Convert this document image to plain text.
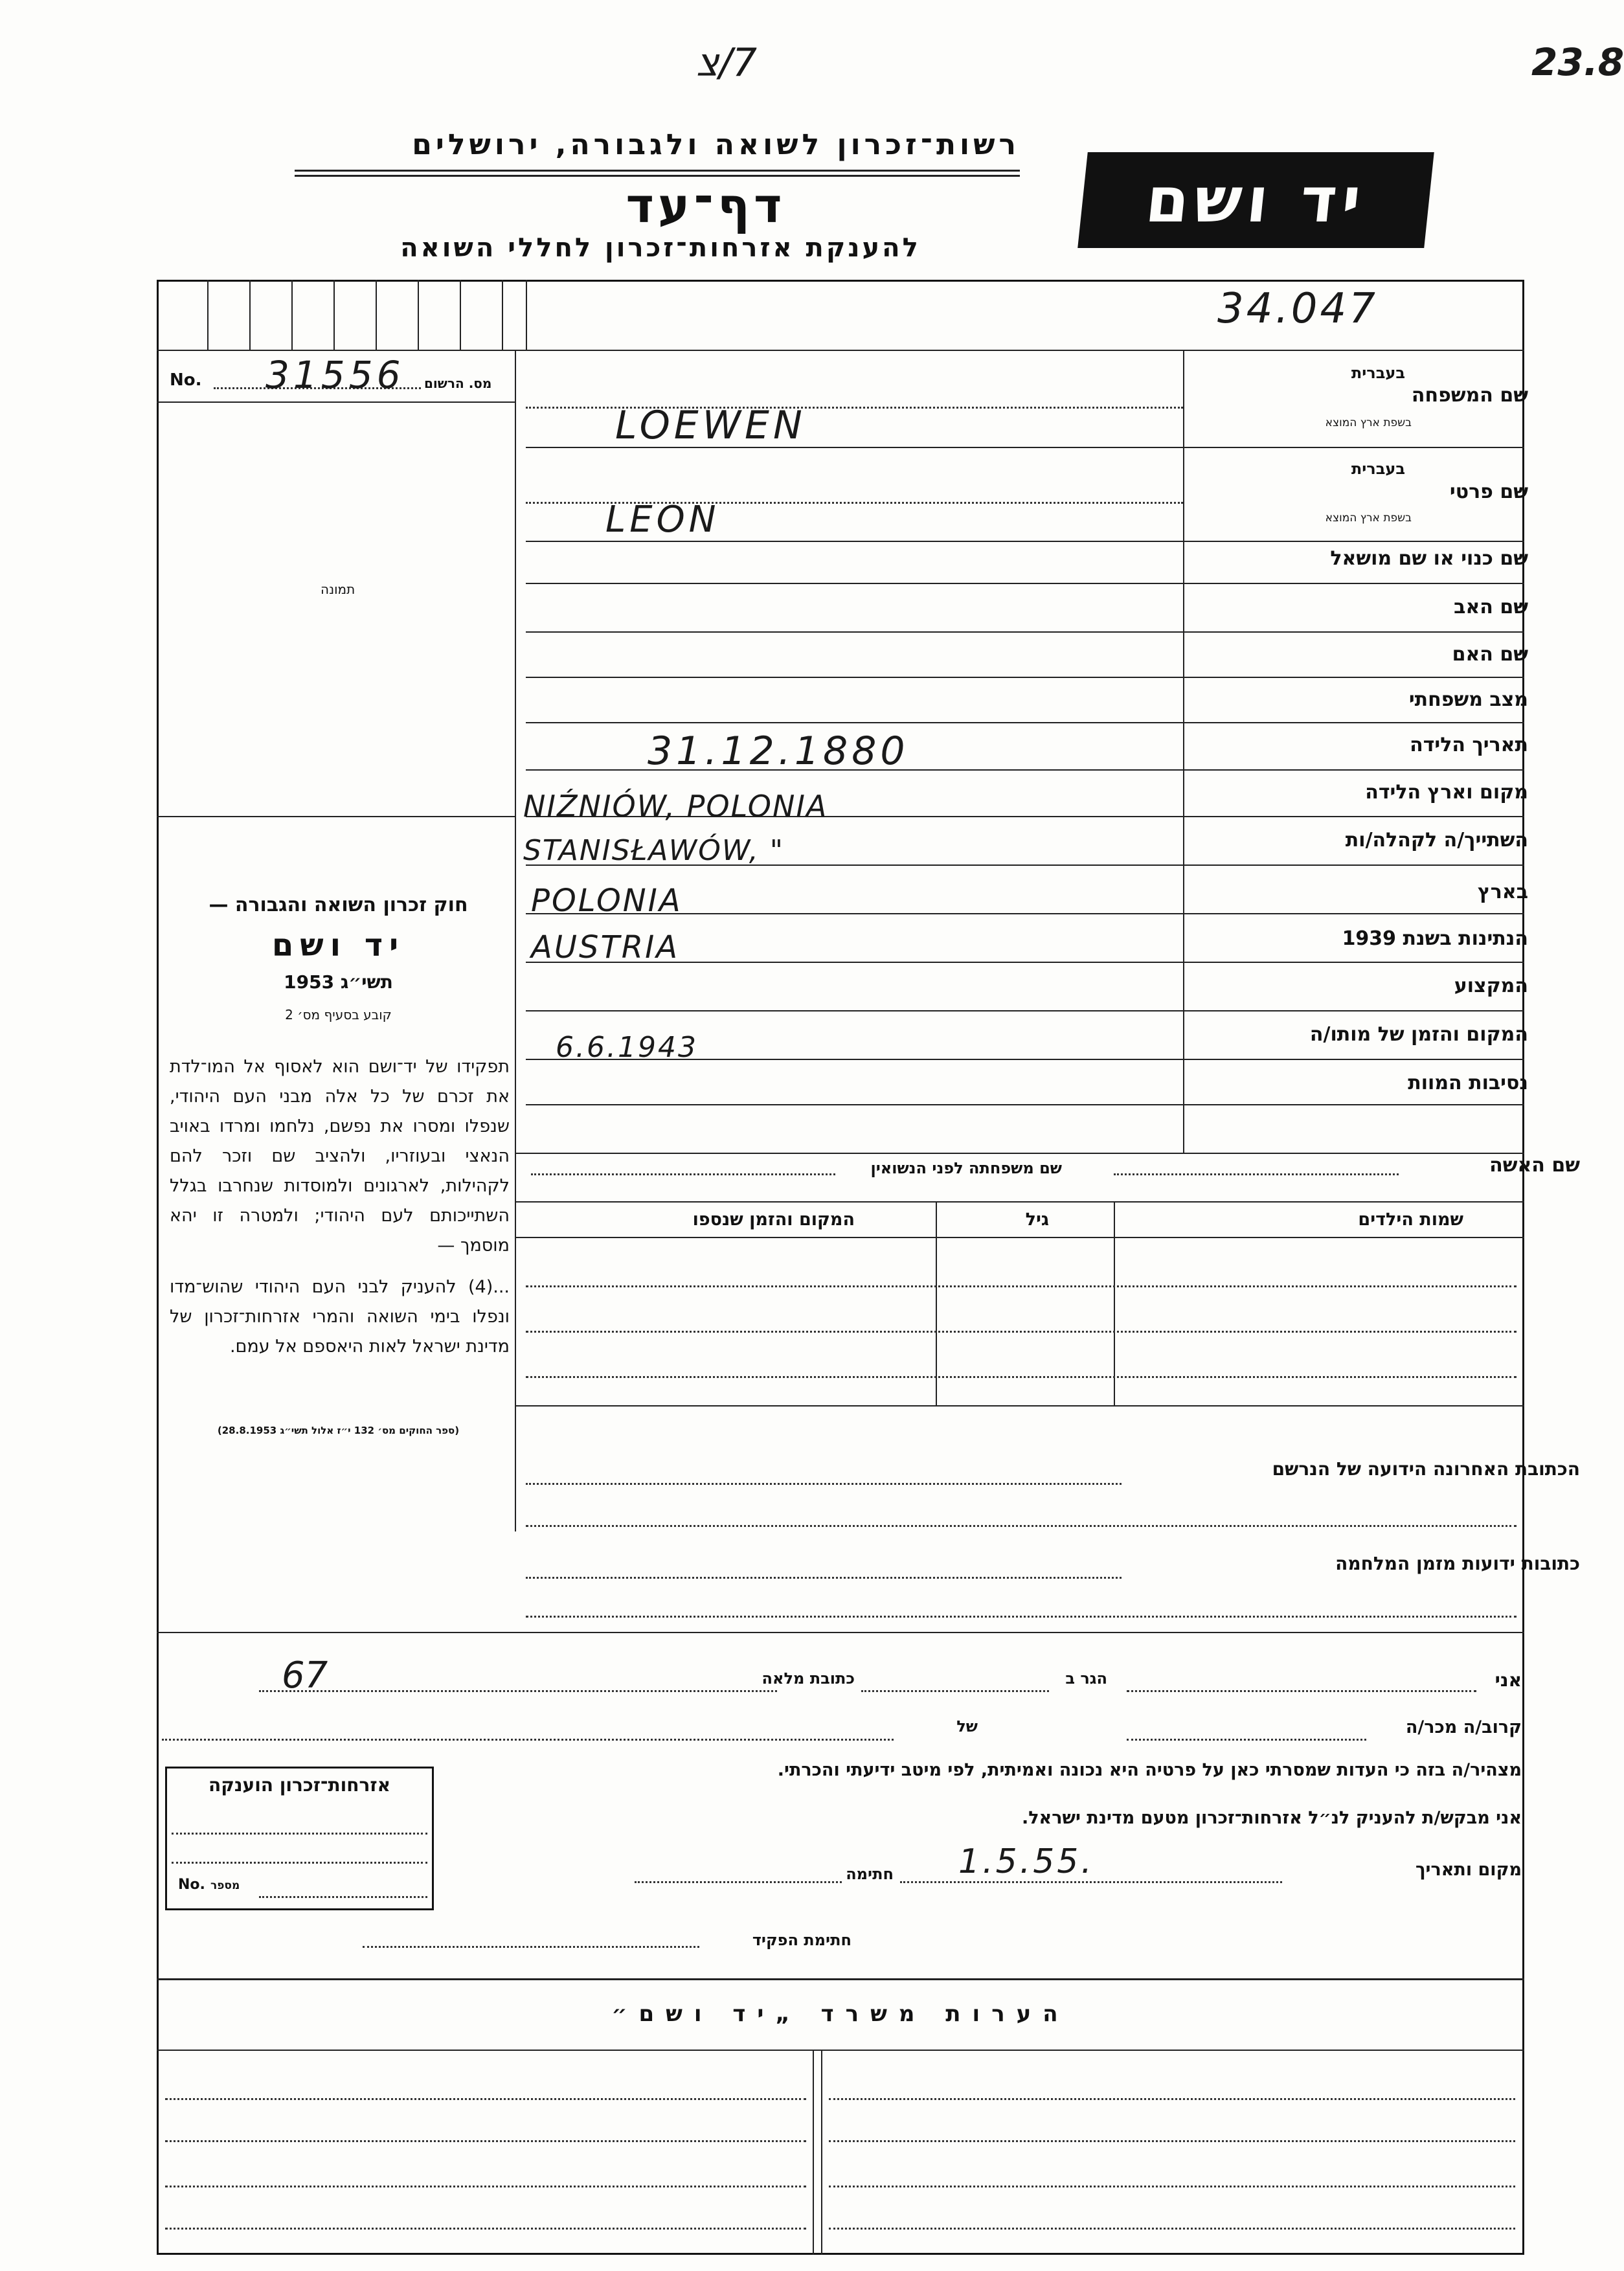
7/צ	23.8
רשות־זכרון לשואה ולגבורה, ירושלים
דף־עד
להענקת אזרחות־זכרון לחללי השואה
יד ושם
34.047
No. 31556 מס. הרשום
תמונה
חוק זכרון השואה והגבורה —
יד ושם
תשי״ג 1953
קובע בסעיף מס׳ 2
תפקידו של יד־ושם הוא לאסוף אל המו־לדת את זכרם של כל אלה מבני העם היהודי, שנפלו ומסרו את נפשם, נלחמו ומרדו באויב הנאצי ובעוזריו, ולהציב שם וזכר להם לקהילות, לארגונים ולמוסדות שנחרבו בגלל השתייכותם לעם היהודי; ולמטרה זו יהא מוסמך —
...(4) להעניק לבני העם היהודי שהוש־מדו ונפלו בימי השואה והמרי אזרחות־זכרון של מדינת ישראל לאות היאספם אל עמם.
(ספר החוקים מס׳ 132 י״ז אלול תשי״ג 28.8.1953)
שם המשפחה
בעברית
בשפת ארץ המוצא
LOEWEN
שם פרטי
בעברית
בשפת ארץ המוצא
LEON
שם כנוי או שם מושאל
שם האב
שם האם
מצב משפחתי
תאריך הלידה
31.12.1880
מקום וארץ הלידה
NIŹNIÓW, POLONIA
השתייך/ה לקהלה/ות
STANISŁAWÓW, "
בארץ
POLONIA
הנתינות בשנת 1939
AUSTRIA
המקצוע
המקום והזמן של מותו/ה
6.6.1943
נסיבות המוות
שם האשה
שם משפחתה לפני הנשואין
שמות הילדים
גיל
המקום והזמן שנספו
הכתובת האחרונה הידועה של הנרשם
כתובות ידועות מזמן המלחמה
אני
הגר ב
כתובת מלאה
67
קרוב/ה מכר/ה
של
מצהיר/ה בזה כי העדות שמסרתי כאן על פרטיה היא נכונה ואמיתית, לפי מיטב ידיעתי והכרתי.
אני מבקש/ת להעניק לנ״ל אזרחות־זכרון מטעם מדינת ישראל.
מקום ותאריך
1.5.55.
חתימה
חתימת הפקיד
אזרחות־זכרון הוענקה
No. מספר
הערות משרד „יד ושם״
